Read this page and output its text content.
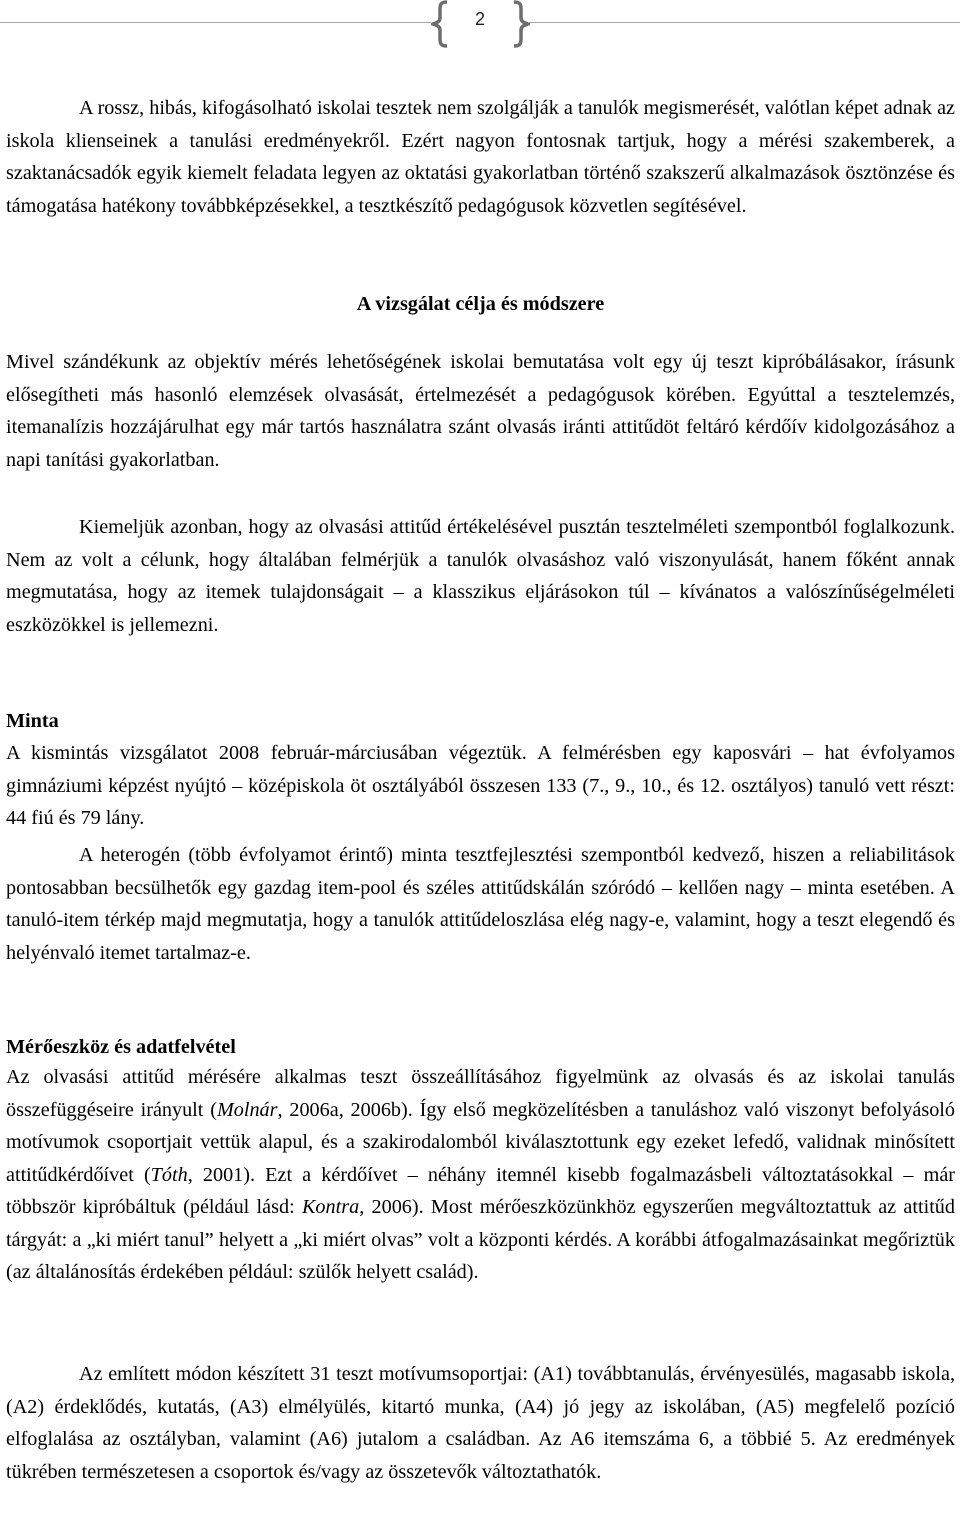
2

A rossz, hibás, kifogásolható iskolai tesztek nem szolgálják a tanulók megismerését, valótlan képet adnak az iskola klienseinek a tanulási eredményekről. Ezért nagyon fontosnak tartjuk, hogy a mérési szakemberek, a szaktanácsadók egyik kiemelt feladata legyen az oktatási gyakorlatban történő szakszerű alkalmazások ösztönzése és támogatása hatékony továbbképzésekkel, a tesztkészítő pedagógusok közvetlen segítésével.

A vizsgálat célja és módszere

Mivel szándékunk az objektív mérés lehetőségének iskolai bemutatása volt egy új teszt kipróbálásakor, írásunk elősegítheti más hasonló elemzések olvasását, értelmezését a pedagógusok körében. Egyúttal a tesztelemzés, itemanalízis hozzájárulhat egy már tartós használatra szánt olvasás iránti attitűdöt feltáró kérdőív kidolgozásához a napi tanítási gyakorlatban.

Kiemeljük azonban, hogy az olvasási attitűd értékelésével pusztán tesztelméleti szempontból foglalkozunk. Nem az volt a célunk, hogy általában felmérjük a tanulók olvasáshoz való viszonyulását, hanem főként annak megmutatása, hogy az itemek tulajdonságait – a klasszikus eljárásokon túl – kívánatos a valószínűségelméleti eszközökkel is jellemezni.

Minta

A kismintás vizsgálatot 2008 február-márciusában végeztük. A felmérésben egy kaposvári – hat évfolyamos gimnáziumi képzést nyújtó – középiskola öt osztályából összesen 133 (7., 9., 10., és 12. osztályos) tanuló vett részt: 44 fiú és 79 lány.

A heterogén (több évfolyamot érintő) minta tesztfejlesztési szempontból kedvező, hiszen a reliabilitások pontosabban becsülhetők egy gazdag item-pool és széles attitűdskálán szóródó – kellően nagy – minta esetében. A tanuló-item térkép majd megmutatja, hogy a tanulók attitűdeloszlása elég nagy-e, valamint, hogy a teszt elegendő és helyénvaló itemet tartalmaz-e.

Mérőeszköz és adatfelvétel

Az olvasási attitűd mérésére alkalmas teszt összeállításához figyelmünk az olvasás és az iskolai tanulás összefüggéseire irányult (Molnár, 2006a, 2006b). Így első megközelítésben a tanuláshoz való viszonyt befolyásoló motívumok csoportjait vettük alapul, és a szakirodalomból kiválasztottunk egy ezeket lefedő, validnak minősített attitűdkérdőívet (Tóth, 2001). Ezt a kérdőívet – néhány itemnél kisebb fogalmazásbeli változtatásokkal – már többször kipróbáltuk (például lásd: Kontra, 2006). Most mérőeszközünkhöz egyszerűen megváltoztattuk az attitűd tárgyát: a „ki miért tanul” helyett a „ki miért olvas” volt a központi kérdés. A korábbi átfogalmazásainkat megőriztük (az általánosítás érdekében például: szülők helyett család).

Az említett módon készített 31 teszt motívumsoportjai: (A1) továbbtanulás, érvényesülés, magasabb iskola, (A2) érdeklődés, kutatás, (A3) elmélyülés, kitartó munka, (A4) jó jegy az iskolában, (A5) megfelelő pozíció elfoglalása az osztályban, valamint (A6) jutalom a családban. Az A6 itemszáma 6, a többié 5. Az eredmények tükrében természetesen a csoportok és/vagy az összetevők változtathatók.
